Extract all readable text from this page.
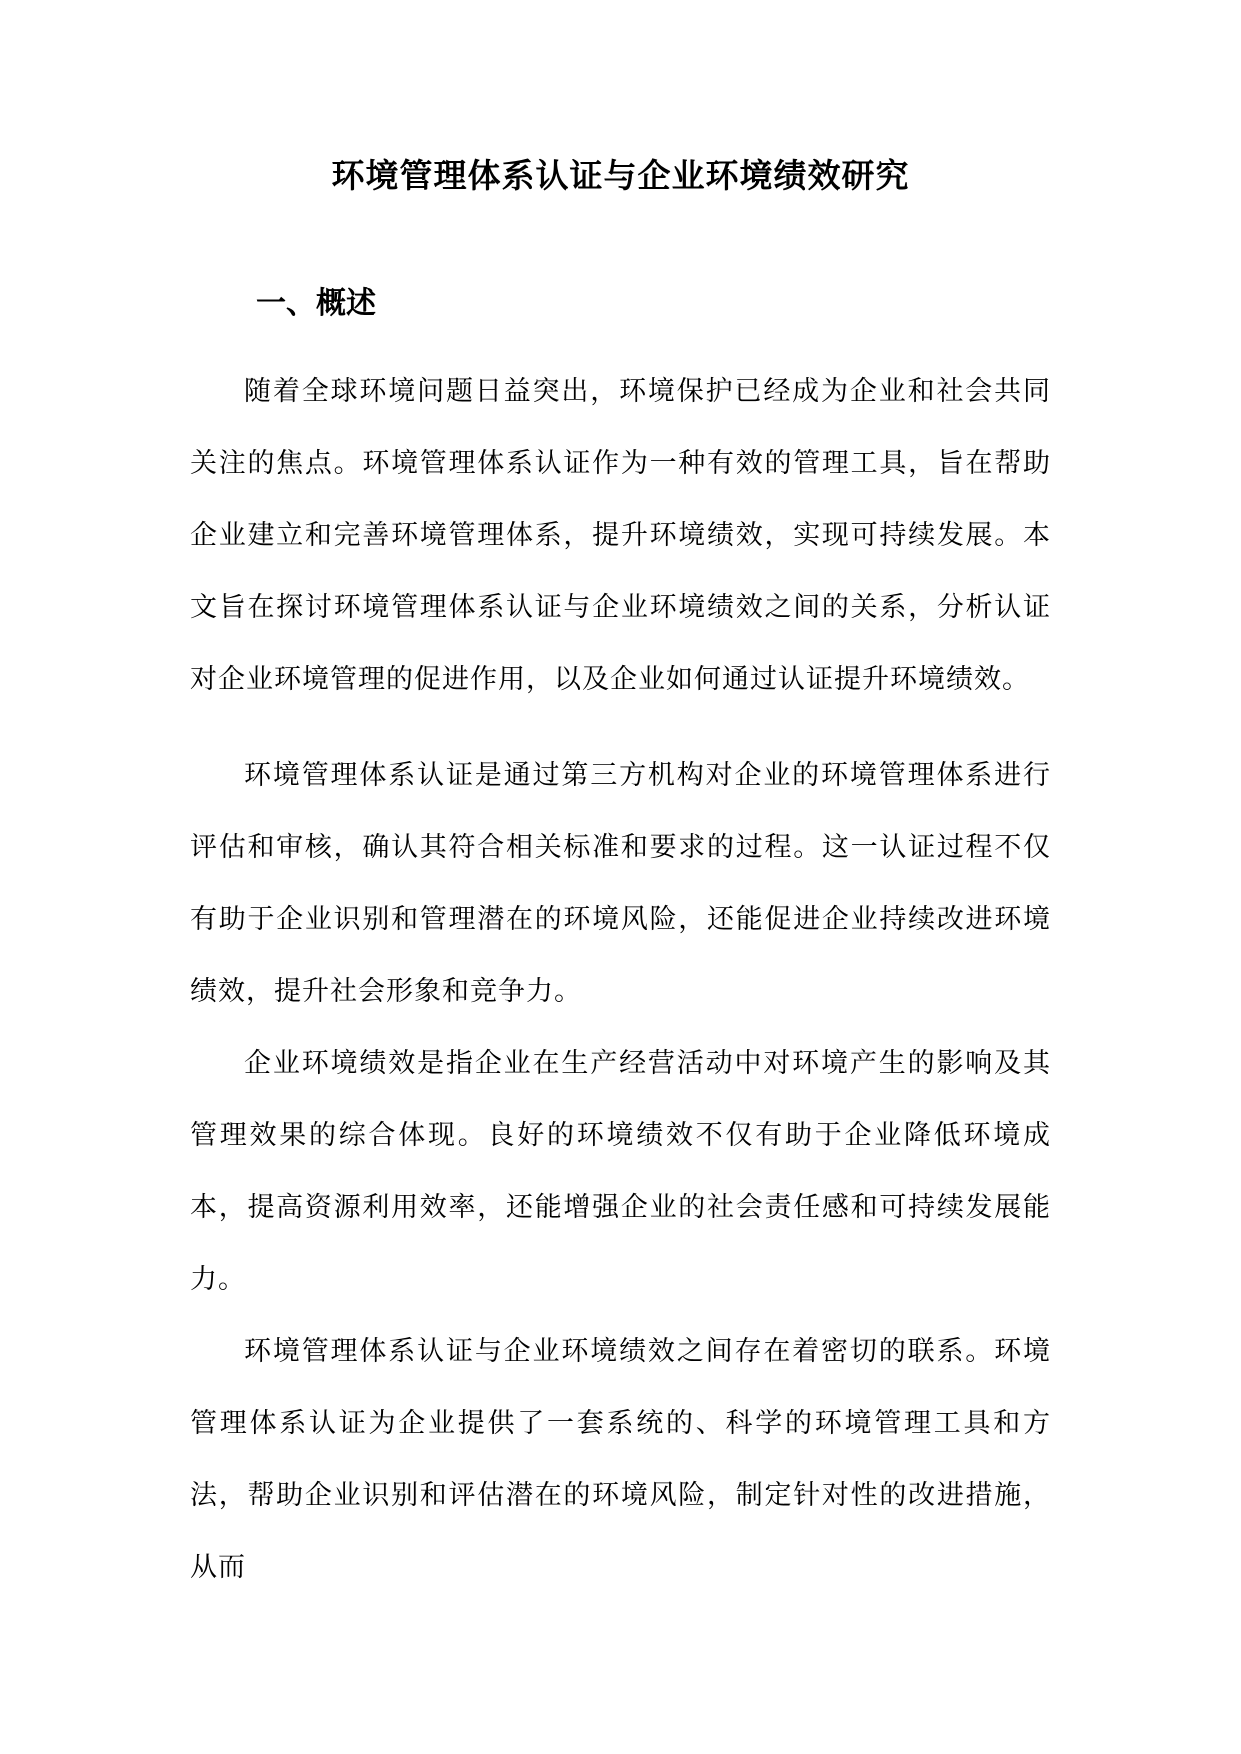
环境管理体系认证与企业环境绩效研究
一、概述

随着全球环境问题日益突出，环境保护已经成为企业和社会共同关注的焦点。环境管理体系认证作为一种有效的管理工具，旨在帮助企业建立和完善环境管理体系，提升环境绩效，实现可持续发展。本文旨在探讨环境管理体系认证与企业环境绩效之间的关系，分析认证对企业环境管理的促进作用，以及企业如何通过认证提升环境绩效。

环境管理体系认证是通过第三方机构对企业的环境管理体系进行评估和审核，确认其符合相关标准和要求的过程。这一认证过程不仅有助于企业识别和管理潜在的环境风险，还能促进企业持续改进环境绩效，提升社会形象和竞争力。

企业环境绩效是指企业在生产经营活动中对环境产生的影响及其管理效果的综合体现。良好的环境绩效不仅有助于企业降低环境成本，提高资源利用效率，还能增强企业的社会责任感和可持续发展能力。

环境管理体系认证与企业环境绩效之间存在着密切的联系。环境管理体系认证为企业提供了一套系统的、科学的环境管理工具和方法，帮助企业识别和评估潜在的环境风险，制定针对性的改进措施，从而
